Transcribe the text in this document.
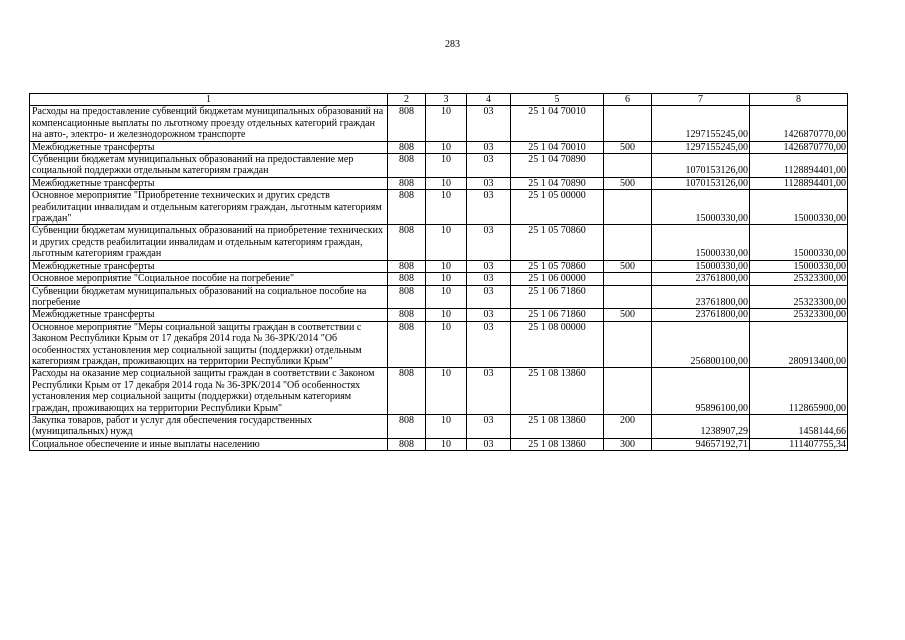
283
1	2	3	4	5	6	7	8
Расходы на предоставление субвенций бюджетам муниципальных образований на компенсационные выплаты по льготному проезду отдельных категорий граждан на авто-, электро- и железнодорожном транспорте	808	10	03	25 1 04 70010		1297155245,00	1426870770,00
Межбюджетные трансферты	808	10	03	25 1 04 70010	500	1297155245,00	1426870770,00
Субвенции бюджетам муниципальных образований на предоставление мер социальной поддержки отдельным категориям граждан	808	10	03	25 1 04 70890		1070153126,00	1128894401,00
Межбюджетные трансферты	808	10	03	25 1 04 70890	500	1070153126,00	1128894401,00
Основное мероприятие "Приобретение технических и других средств реабилитации инвалидам и отдельным категориям граждан, льготным категориям граждан"	808	10	03	25 1 05 00000		15000330,00	15000330,00
Субвенции бюджетам муниципальных образований на приобретение технических и других средств реабилитации инвалидам и отдельным категориям граждан, льготным категориям граждан	808	10	03	25 1 05 70860		15000330,00	15000330,00
Межбюджетные трансферты	808	10	03	25 1 05 70860	500	15000330,00	15000330,00
Основное мероприятие "Социальное пособие на погребение"	808	10	03	25 1 06 00000		23761800,00	25323300,00
Субвенции бюджетам муниципальных образований на социальное пособие на погребение	808	10	03	25 1 06 71860		23761800,00	25323300,00
Межбюджетные трансферты	808	10	03	25 1 06 71860	500	23761800,00	25323300,00
Основное мероприятие "Меры социальной защиты граждан в соответствии с Законом Республики Крым от 17 декабря 2014 года № 36-ЗРК/2014 "Об особенностях установления мер социальной защиты (поддержки) отдельным категориям граждан, проживающих на территории Республики Крым"	808	10	03	25 1 08 00000		256800100,00	280913400,00
Расходы на оказание мер социальной защиты граждан в соответствии с Законом Республики Крым от 17 декабря 2014 года № 36-ЗРК/2014 "Об особенностях установления мер социальной защиты (поддержки) отдельным категориям граждан, проживающих на территории Республики Крым"	808	10	03	25 1 08 13860		95896100,00	112865900,00
Закупка товаров, работ и услуг для обеспечения государственных (муниципальных) нужд	808	10	03	25 1 08 13860	200	1238907,29	1458144,66
Социальное обеспечение и иные выплаты населению	808	10	03	25 1 08 13860	300	94657192,71	111407755,34
